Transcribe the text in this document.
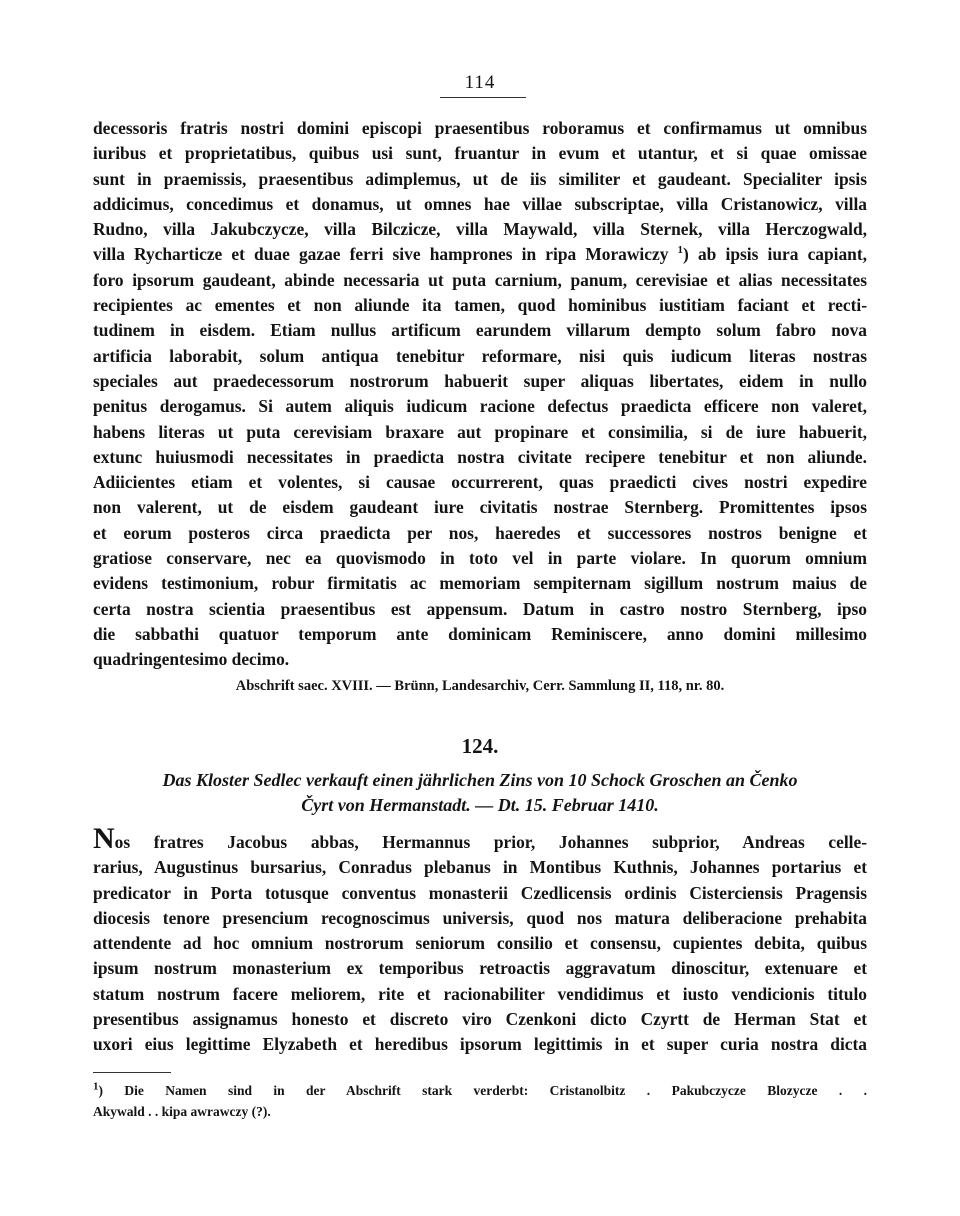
114
decessoris fratris nostri domini episcopi praesentibus roboramus et confirmamus ut omnibus
iuribus et proprietatibus, quibus usi sunt, fruantur in evum et utantur, et si quae omissae
sunt in praemissis, praesentibus adimplemus, ut de iis similiter et gaudeant. Specialiter ipsis
addicimus, concedimus et donamus, ut omnes hae villae subscriptae, villa Cristanowicz, villa
Rudno, villa Jakubczycze, villa Bilczicze, villa Maywald, villa Sternek, villa Herczogwald,
villa Rycharticze et duae gazae ferri sive hamprones in ripa Morawiczy $^1$) ab ipsis iura capiant,
foro ipsorum gaudeant, abinde necessaria ut puta carnium, panum, cerevisiae et alias necessitates
recipientes ac ementes et non aliunde ita tamen, quod hominibus iustitiam faciant et recti-
tudinem in eisdem. Etiam nullus artificum earundem villarum dempto solum fabro nova
artificia laborabit, solum antiqua tenebitur reformare, nisi quis iudicum literas nostras
speciales aut praedecessorum nostrorum habuerit super aliquas libertates, eidem in nullo
penitus derogamus. Si autem aliquis iudicum racione defectus praedicta efficere non valeret,
habens literas ut puta cerevisiam braxare aut propinare et consimilia, si de iure habuerit,
extunc huiusmodi necessitates in praedicta nostra civitate recipere tenebitur et non aliunde.
Adiicientes etiam et volentes, si causae occurrerent, quas praedicti cives nostri expedire
non valerent, ut de eisdem gaudeant iure civitatis nostrae Sternberg. Promittentes ipsos
et eorum posteros circa praedicta per nos, haeredes et successores nostros benigne et
gratiose conservare, nec ea quovismodo in toto vel in parte violare. In quorum omnium
evidens testimonium, robur firmitatis ac memoriam sempiternam sigillum nostrum maius de
certa nostra scientia praesentibus est appensum. Datum in castro nostro Sternberg, ipso
die sabbathi quatuor temporum ante dominicam Reminiscere, anno domini millesimo
quadringentesimo decimo.
Abschrift saec. XVIII. — Brünn, Landesarchiv, Cerr. Sammlung II, 118, nr. 80.
124.
Das Kloster Sedlec verkauft einen jährlichen Zins von 10 Schock Groschen an Čenko
Čyrt von Hermanstadt. — Dt. 15. Februar 1410.
Nos fratres Jacobus abbas, Hermannus prior, Johannes subprior, Andreas celle-
rarius, Augustinus bursarius, Conradus plebanus in Montibus Kuthnis, Johannes portarius et
predicator in Porta totusque conventus monasterii Czedlicensis ordinis Cisterciensis Pragensis
diocesis tenore presencium recognoscimus universis, quod nos matura deliberacione prehabita
attendente ad hoc omnium nostrorum seniorum consilio et consensu, cupientes debita, quibus
ipsum nostrum monasterium ex temporibus retroactis aggravatum dinoscitur, extenuare et
statum nostrum facere meliorem, rite et racionabiliter vendidimus et iusto vendicionis titulo
presentibus assignamus honesto et discreto viro Czenkoni dicto Czyrtt de Herman Stat et
uxori eius legittime Elyzabeth et heredibus ipsorum legittimis in et super curia nostra dicta
$^1$) Die Namen sind in der Abschrift stark verderbt: Cristanolbitz . Pakubczycze Blozycze . .
Akywald . . kipa awrawczy (?).
